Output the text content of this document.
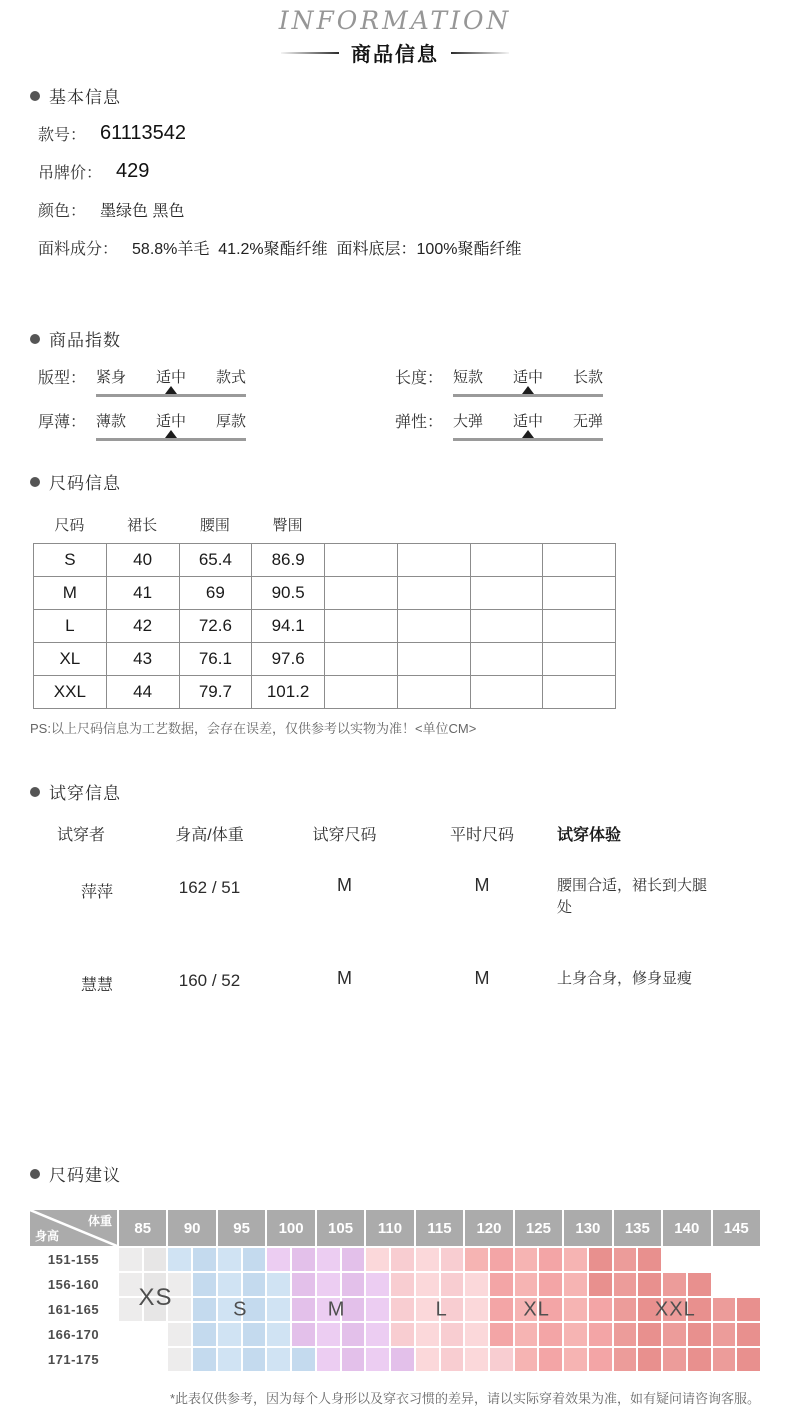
INFORMATION
商品信息
基本信息
款号： 61113542
吊牌价： 429
颜色： 墨绿色 黑色
面料成分： 58.8%羊毛  41.2%聚酯纤维  面料底层：100%聚酯纤维
商品指数
版型： 紧身 适中 款式	长度： 短款 适中 长款
厚薄： 薄款 适中 厚款	弹性： 大弹 适中 无弹
尺码信息
尺码	裙长	腰围	臀围
S	40	65.4	86.9				
M	41	69	90.5				
L	42	72.6	94.1				
XL	43	76.1	97.6				
XXL	44	79.7	101.2				
PS:以上尺码信息为工艺数据，会存在误差，仅供参考以实物为准！<单位CM>
试穿信息
试穿者	身高/体重	试穿尺码	平时尺码	试穿体验
萍萍	162 / 51	M	M	腰围合适，裙长到大腿处
慧慧	160 / 52	M	M	上身合身，修身显瘦
尺码建议
体重
身高	85	90	95	100	105	110	115	120	125	130	135	140	145
151-155
156-160
161-165
166-170
171-175
XS	S	M	L	XL	XXL
*此表仅供参考，因为每个人身形以及穿衣习惯的差异，请以实际穿着效果为准，如有疑问请咨询客服。
